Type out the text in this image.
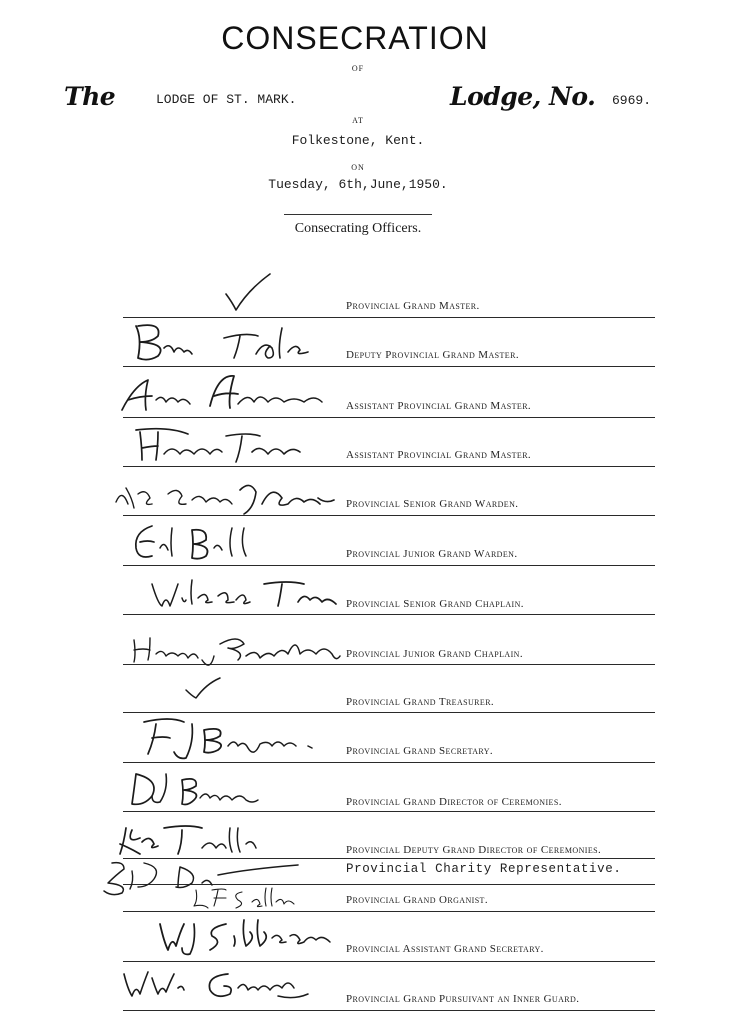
CONSECRATION
OF
The	LODGE OF ST. MARK.	Lodge, No. 6969.
AT
Folkestone, Kent.
ON
Tuesday, 6th,June,1950.
Consecrating Officers.
Provincial Grand Master.
Deputy Provincial Grand Master.
Assistant Provincial Grand Master.
Assistant Provincial Grand Master.
Provincial Senior Grand Warden.
Provincial Junior Grand Warden.
Provincial Senior Grand Chaplain.
Provincial Junior Grand Chaplain.
Provincial Grand Treasurer.
Provincial Grand Secretary.
Provincial Grand Director of Ceremonies.
Provincial Deputy Grand Director of Ceremonies.
Provincial Charity Representative.
Provincial Grand Organist.
Provincial Assistant Grand Secretary.
Provincial Grand Pursuivant an Inner Guard.
